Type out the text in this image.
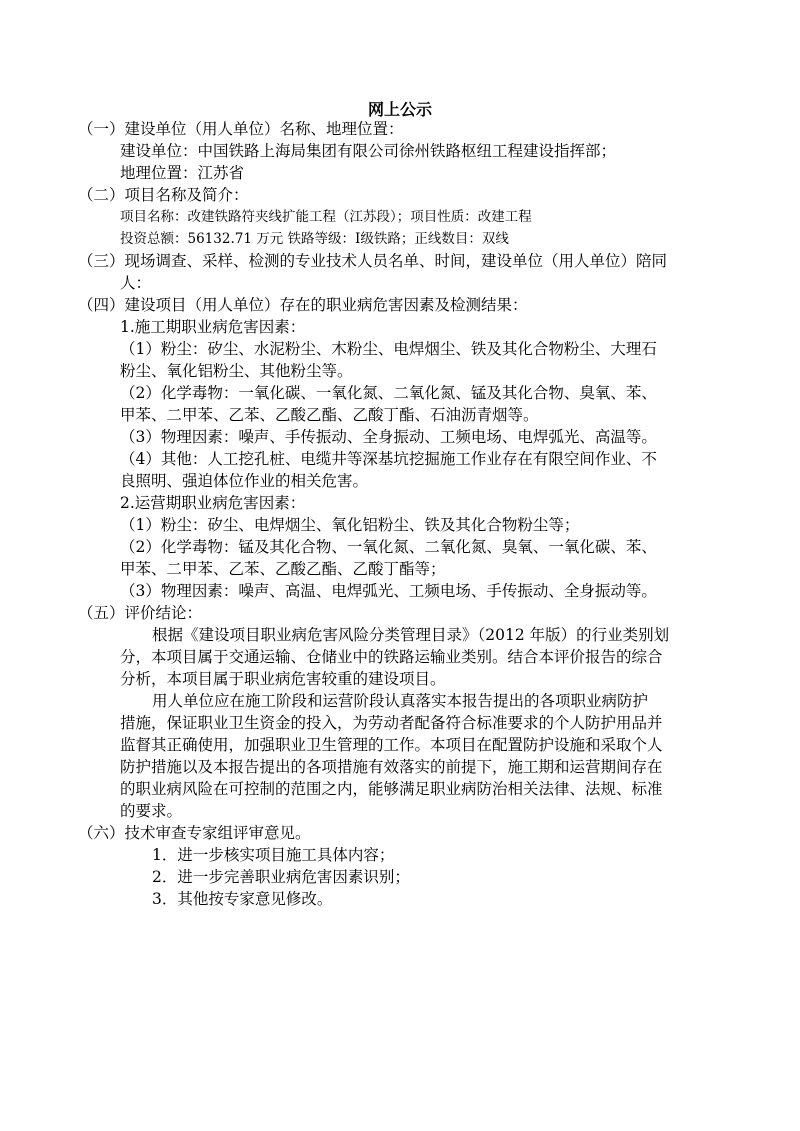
网上公示
（一）建设单位（用人单位）名称、地理位置：
建设单位：中国铁路上海局集团有限公司徐州铁路枢纽工程建设指挥部；
地理位置：江苏省
（二）项目名称及简介：
项目名称：改建铁路符夹线扩能工程（江苏段）；项目性质：改建工程
投资总额：56132.71 万元 铁路等级：Ⅰ级铁路；正线数目：双线
（三）现场调查、采样、检测的专业技术人员名单、时间，建设单位（用人单位）陪同
人：
（四）建设项目（用人单位）存在的职业病危害因素及检测结果：
1.施工期职业病危害因素：
（1）粉尘：矽尘、水泥粉尘、木粉尘、电焊烟尘、铁及其化合物粉尘、大理石
粉尘、氧化铝粉尘、其他粉尘等。
（2）化学毒物：一氧化碳、一氧化氮、二氧化氮、锰及其化合物、臭氧、苯、
甲苯、二甲苯、乙苯、乙酸乙酯、乙酸丁酯、石油沥青烟等。
（3）物理因素：噪声、手传振动、全身振动、工频电场、电焊弧光、高温等。
（4）其他：人工挖孔桩、电缆井等深基坑挖掘施工作业存在有限空间作业、不
良照明、强迫体位作业的相关危害。
2.运营期职业病危害因素：
（1）粉尘：矽尘、电焊烟尘、氧化铝粉尘、铁及其化合物粉尘等；
（2）化学毒物：锰及其化合物、一氧化氮、二氧化氮、臭氧、一氧化碳、苯、
甲苯、二甲苯、乙苯、乙酸乙酯、乙酸丁酯等；
（3）物理因素：噪声、高温、电焊弧光、工频电场、手传振动、全身振动等。
（五）评价结论：
根据《建设项目职业病危害风险分类管理目录》（2012 年版）的行业类别划
分，本项目属于交通运输、仓储业中的铁路运输业类别。结合本评价报告的综合
分析，本项目属于职业病危害较重的建设项目。
用人单位应在施工阶段和运营阶段认真落实本报告提出的各项职业病防护
措施，保证职业卫生资金的投入，为劳动者配备符合标准要求的个人防护用品并
监督其正确使用，加强职业卫生管理的工作。本项目在配置防护设施和采取个人
防护措施以及本报告提出的各项措施有效落实的前提下，施工期和运营期间存在
的职业病风险在可控制的范围之内，能够满足职业病防治相关法律、法规、标准
的要求。
（六）技术审查专家组评审意见。
1．进一步核实项目施工具体内容；
2．进一步完善职业病危害因素识别；
3．其他按专家意见修改。
